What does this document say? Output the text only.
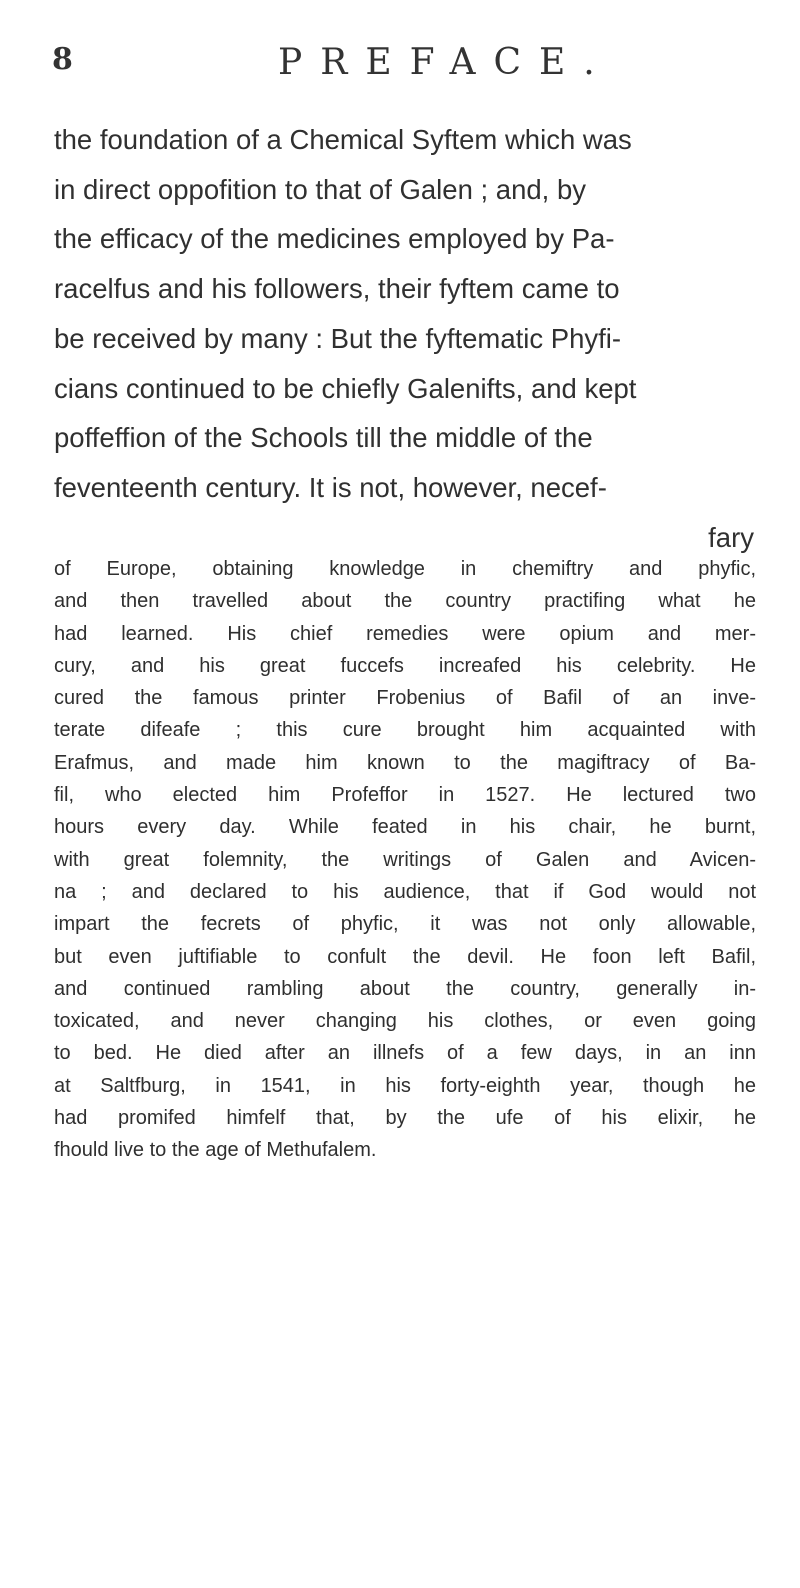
8	PREFACE.

the foundation of a Chemical Syftem which was
in direct oppofition to that of Galen ; and, by
the efficacy of the medicines employed by Pa-
racelfus and his followers, their fyftem came to
be received by many : But the fyftematic Phyfi-
cians continued to be chiefly Galenifts, and kept
poffeffion of the Schools till the middle of the
feventeenth century. It is not, however, necef-
fary

of Europe, obtaining knowledge in chemiftry and phyfic,
and then travelled about the country practifing what he
had learned. His chief remedies were opium and mer-
cury, and his great fuccefs increafed his celebrity. He
cured the famous printer Frobenius of Bafil of an inve-
terate difeafe ; this cure brought him acquainted with
Erafmus, and made him known to the magiftracy of Ba-
fil, who elected him Profeffor in 1527. He lectured two
hours every day. While feated in his chair, he burnt,
with great folemnity, the writings of Galen and Avicen-
na ; and declared to his audience, that if God would not
impart the fecrets of phyfic, it was not only allowable,
but even juftifiable to confult the devil. He foon left Bafil,
and continued rambling about the country, generally in-
toxicated, and never changing his clothes, or even going
to bed. He died after an illnefs of a few days, in an inn
at Saltfburg, in 1541, in his forty-eighth year, though he
had promifed himfelf that, by the ufe of his elixir, he
fhould live to the age of Methufalem.
